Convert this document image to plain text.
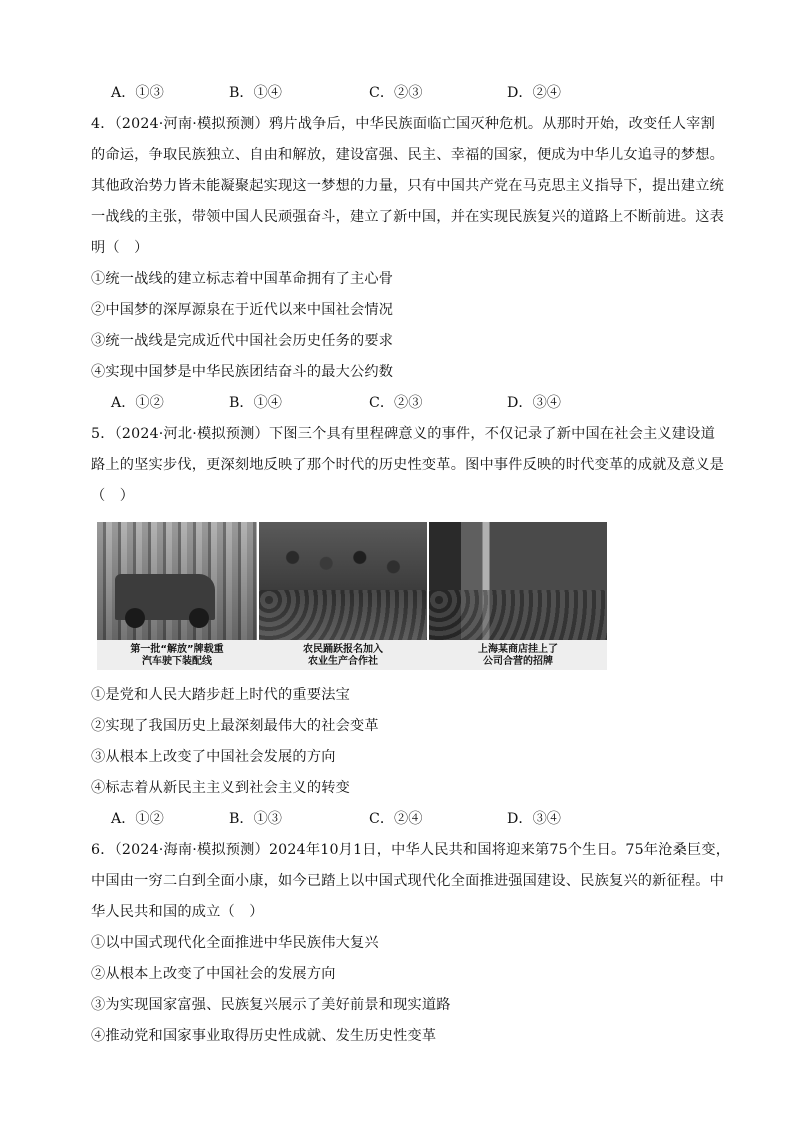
A．①③	B．①④	C．②③	D．②④
4．（2024·河南·模拟预测）鸦片战争后，中华民族面临亡国灭种危机。从那时开始，改变任人宰割
的命运，争取民族独立、自由和解放，建设富强、民主、幸福的国家，便成为中华儿女追寻的梦想。
其他政治势力皆未能凝聚起实现这一梦想的力量，只有中国共产党在马克思主义指导下，提出建立统
一战线的主张，带领中国人民顽强奋斗，建立了新中国，并在实现民族复兴的道路上不断前进。这表
明（　）
①统一战线的建立标志着中国革命拥有了主心骨
②中国梦的深厚源泉在于近代以来中国社会情况
③统一战线是完成近代中国社会历史任务的要求
④实现中国梦是中华民族团结奋斗的最大公约数
A．①②	B．①④	C．②③	D．③④
5．（2024·河北·模拟预测）下图三个具有里程碑意义的事件，不仅记录了新中国在社会主义建设道
路上的坚实步伐，更深刻地反映了那个时代的历史性变革。图中事件反映的时代变革的成就及意义是
（　）
第一批“解放”牌载重
汽车驶下装配线
农民踊跃报名加入
农业生产合作社
上海某商店挂上了
公司合营的招牌
①是党和人民大踏步赶上时代的重要法宝
②实现了我国历史上最深刻最伟大的社会变革
③从根本上改变了中国社会发展的方向
④标志着从新民主主义到社会主义的转变
A．①②	B．①③	C．②④	D．③④
6．（2024·海南·模拟预测）2024年10月1日，中华人民共和国将迎来第75个生日。75年沧桑巨变，
中国由一穷二白到全面小康，如今已踏上以中国式现代化全面推进强国建设、民族复兴的新征程。中
华人民共和国的成立（　）
①以中国式现代化全面推进中华民族伟大复兴
②从根本上改变了中国社会的发展方向
③为实现国家富强、民族复兴展示了美好前景和现实道路
④推动党和国家事业取得历史性成就、发生历史性变革
